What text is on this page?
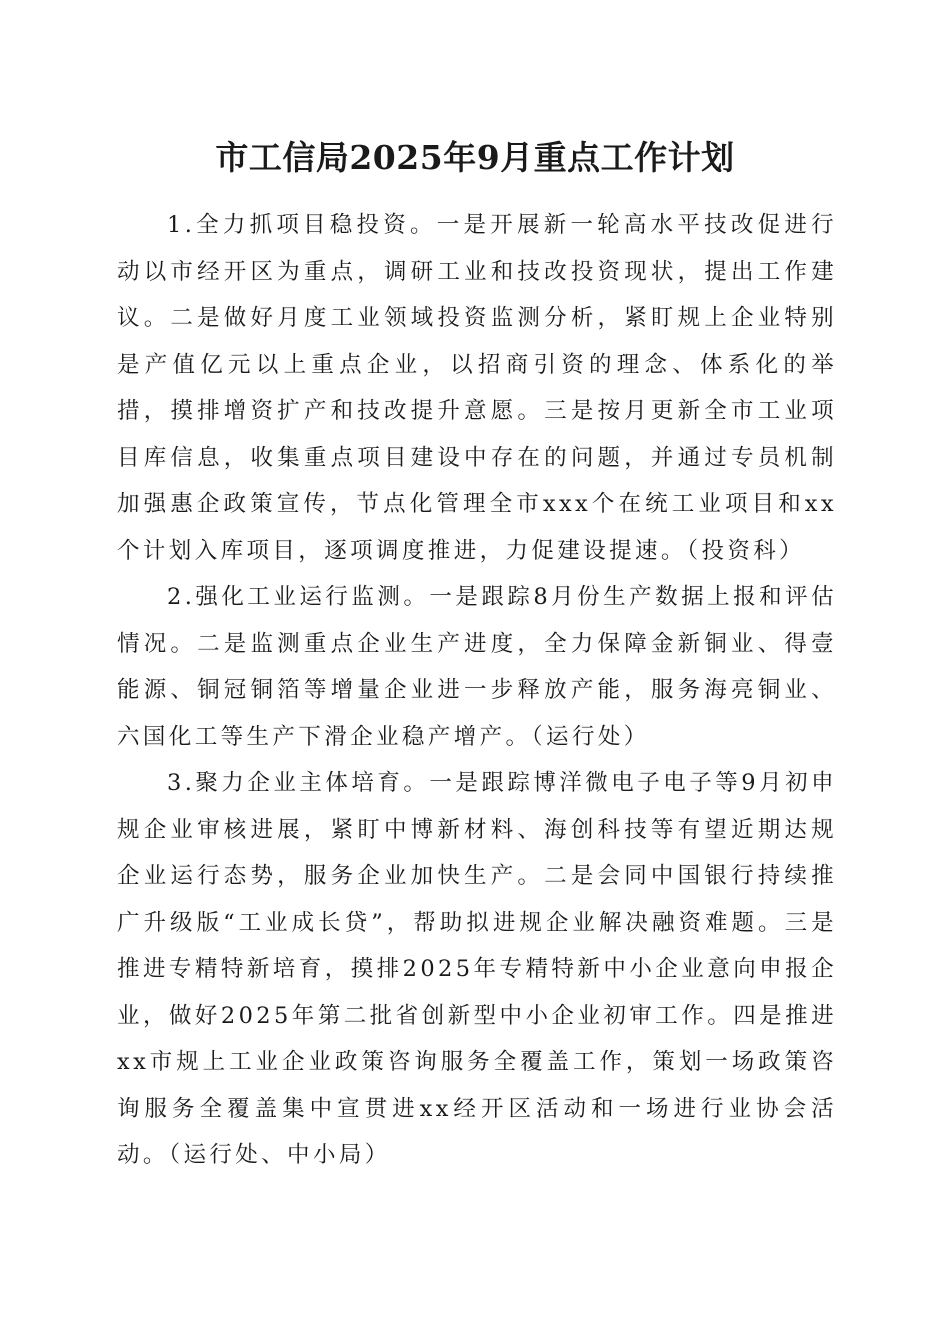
市工信局2025年9月重点工作计划

1.全力抓项目稳投资。一是开展新一轮高水平技改促进行动以市经开区为重点，调研工业和技改投资现状，提出工作建议。二是做好月度工业领域投资监测分析，紧盯规上企业特别是产值亿元以上重点企业，以招商引资的理念、体系化的举措，摸排增资扩产和技改提升意愿。三是按月更新全市工业项目库信息，收集重点项目建设中存在的问题，并通过专员机制加强惠企政策宣传，节点化管理全市xxx个在统工业项目和xx个计划入库项目，逐项调度推进，力促建设提速。（投资科）

2.强化工业运行监测。一是跟踪8月份生产数据上报和评估情况。二是监测重点企业生产进度，全力保障金新铜业、得壹能源、铜冠铜箔等增量企业进一步释放产能，服务海亮铜业、六国化工等生产下滑企业稳产增产。（运行处）

3.聚力企业主体培育。一是跟踪博洋微电子电子等9月初申规企业审核进展，紧盯中博新材料、海创科技等有望近期达规企业运行态势，服务企业加快生产。二是会同中国银行持续推广升级版“工业成长贷”，帮助拟进规企业解决融资难题。三是推进专精特新培育，摸排2025年专精特新中小企业意向申报企业，做好2025年第二批省创新型中小企业初审工作。四是推进xx市规上工业企业政策咨询服务全覆盖工作，策划一场政策咨询服务全覆盖集中宣贯进xx经开区活动和一场进行业协会活动。（运行处、中小局）
